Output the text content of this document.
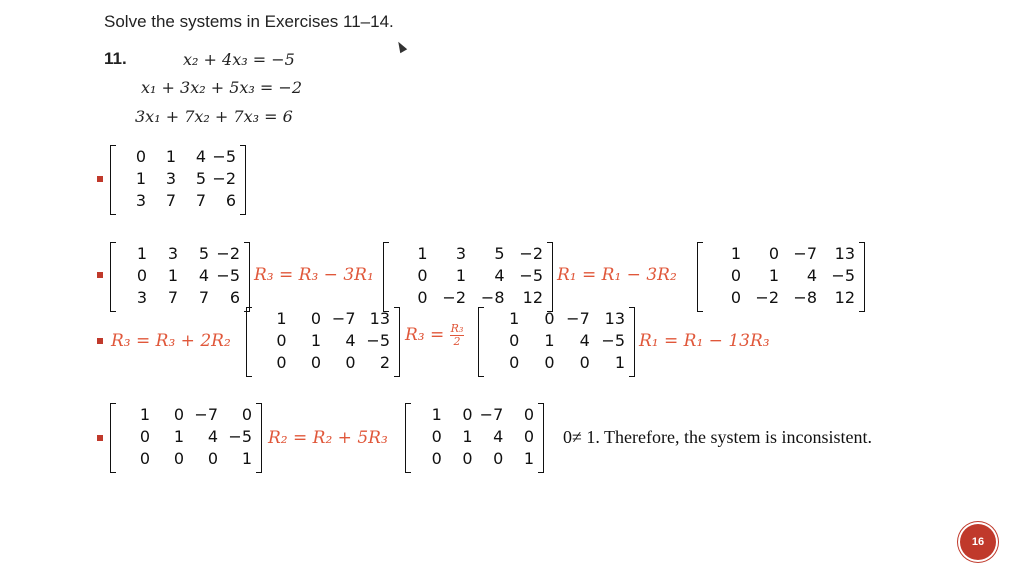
Solve the systems in Exercises 11–14.
11.	x₂ + 4x₃ = −5
x₁ + 3x₂ + 5x₃ = −2
3x₁ + 7x₂ + 7x₃ = 6
0	1	4 −5
1	3	5 −2
3	7	7	6
1	3	5 −2
0	1	4 −5
3	7	7	6
R₃ = R₃ − 3R₁
1	3	5 −2
0	1	4 −5
0 −2 −8	12
R₁ = R₁ − 3R₂
1	0 −7	13
0	1	4 −5
0 −2 −8	12
R₃ = R₃ + 2R₂
1	0 −7 13
0	1	4 −5
0	0	0	2
$R_3 = \frac{\text{R₃}}{2}$
1	0 −7 13
0	1	4 −5
0	0	0	1
R₁ = R₁ − 13R₃
1	0 −7	0
0	1	4 −5
0	0	0	1
R₂ = R₂ + 5R₃
1	0 −7	0
0	1	4	0
0	0	0	1
0≠ 1. Therefore, the system is inconsistent.
16
